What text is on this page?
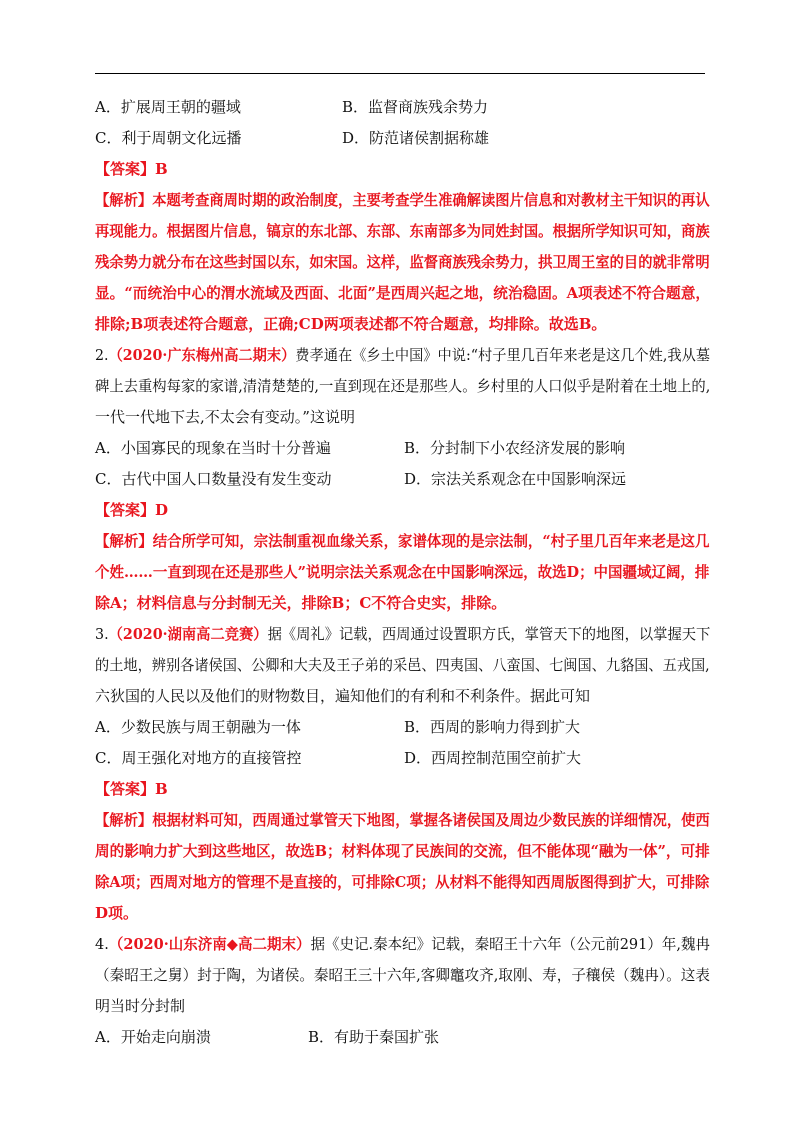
A．扩展周王朝的疆域	B．监督商族残余势力
C．利于周朝文化远播	D．防范诸侯割据称雄
【答案】B
【解析】本题考查商周时期的政治制度，主要考查学生准确解读图片信息和对教材主干知识的再认
再现能力。根据图片信息，镐京的东北部、东部、东南部多为同姓封国。根据所学知识可知，商族
残余势力就分布在这些封国以东，如宋国。这样，监督商族残余势力，拱卫周王室的目的就非常明
显。“而统治中心的渭水流域及西面、北面”是西周兴起之地，统治稳固。A项表述不符合题意，
排除;B项表述符合题意，正确;CD两项表述都不符合题意，均排除。故选B。
2.（2020·广东梅州高二期末）费孝通在《乡土中国》中说:“村子里几百年来老是这几个姓,我从墓
碑上去重构每家的家谱,清清楚楚的,一直到现在还是那些人。乡村里的人口似乎是附着在土地上的,
一代一代地下去,不太会有变动。”这说明
A．小国寡民的现象在当时十分普遍	B．分封制下小农经济发展的影响
C．古代中国人口数量没有发生变动	D．宗法关系观念在中国影响深远
【答案】D
【解析】结合所学可知，宗法制重视血缘关系，家谱体现的是宗法制，“村子里几百年来老是这几
个姓……一直到现在还是那些人”说明宗法关系观念在中国影响深远，故选D；中国疆域辽阔，排
除A；材料信息与分封制无关，排除B；C不符合史实，排除。
3.（2020·湖南高二竞赛）据《周礼》记载，西周通过设置职方氏，掌管天下的地图，以掌握天下
的土地，辨别各诸侯国、公卿和大夫及王子弟的采邑、四夷国、八蛮国、七闽国、九貉国、五戎国,
六狄国的人民以及他们的财物数目，遍知他们的有利和不利条件。据此可知
A．少数民族与周王朝融为一体	B．西周的影响力得到扩大
C．周王强化对地方的直接管控	D．西周控制范围空前扩大
【答案】B
【解析】根据材料可知，西周通过掌管天下地图，掌握各诸侯国及周边少数民族的详细情况，使西
周的影响力扩大到这些地区，故选B；材料体现了民族间的交流，但不能体现“融为一体”，可排
除A项；西周对地方的管理不是直接的，可排除C项；从材料不能得知西周版图得到扩大，可排除
D项。
4.（2020·山东济南◆高二期末）据《史记.秦本纪》记载，秦昭王十六年（公元前291）年,魏冉
（秦昭王之舅）封于陶，为诸侯。秦昭王三十六年,客卿竈攻齐,取刚、寿，子穰侯（魏冉）。这表
明当时分封制
A．开始走向崩溃	B．有助于秦国扩张
